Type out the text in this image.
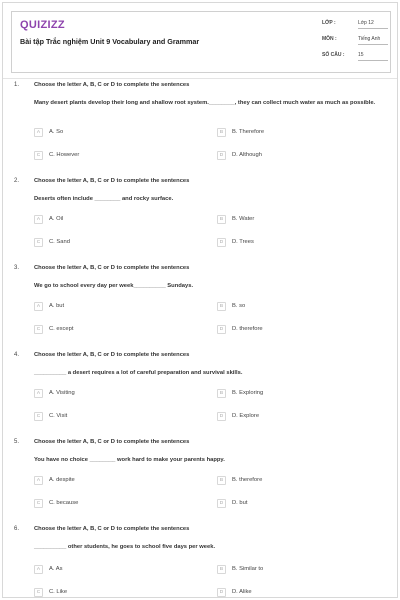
QUIZIZZ
Bài tập Trắc nghiệm Unit 9 Vocabulary and Grammar
LỚP :	Lớp 12
MÔN :	Tiếng Anh
SỐ CÂU :	15
1.	Choose the letter A, B, C or D to complete the sentences
Many desert plants develop their long and shallow root system.________, they can collect much water as much as possible.
A	A. So	B	B. Therefore
C	C. However	D	D. Although
2.	Choose the letter A, B, C or D to complete the sentences
Deserts often include ________ and rocky surface.
A	A. Oil	B	B. Water
C	C. Sand	D	D. Trees
3.	Choose the letter A, B, C or D to complete the sentences
We go to school every day per week__________ Sundays.
A	A. but	B	B. so
C	C. except	D	D. therefore
4.	Choose the letter A, B, C or D to complete the sentences
__________ a desert requires a lot of careful preparation and survival skills.
A	A. Visiting	B	B. Exploring
C	C. Visit	D	D. Explore
5.	Choose the letter A, B, C or D to complete the sentences
You have no choice ________ work hard to make your parents happy.
A	A. despite	B	B. therefore
C	C. because	D	D. but
6.	Choose the letter A, B, C or D to complete the sentences
__________ other students, he goes to school five days per week.
A	A. As	B	B. Similar to
C	C. Like	D	D. Alike
